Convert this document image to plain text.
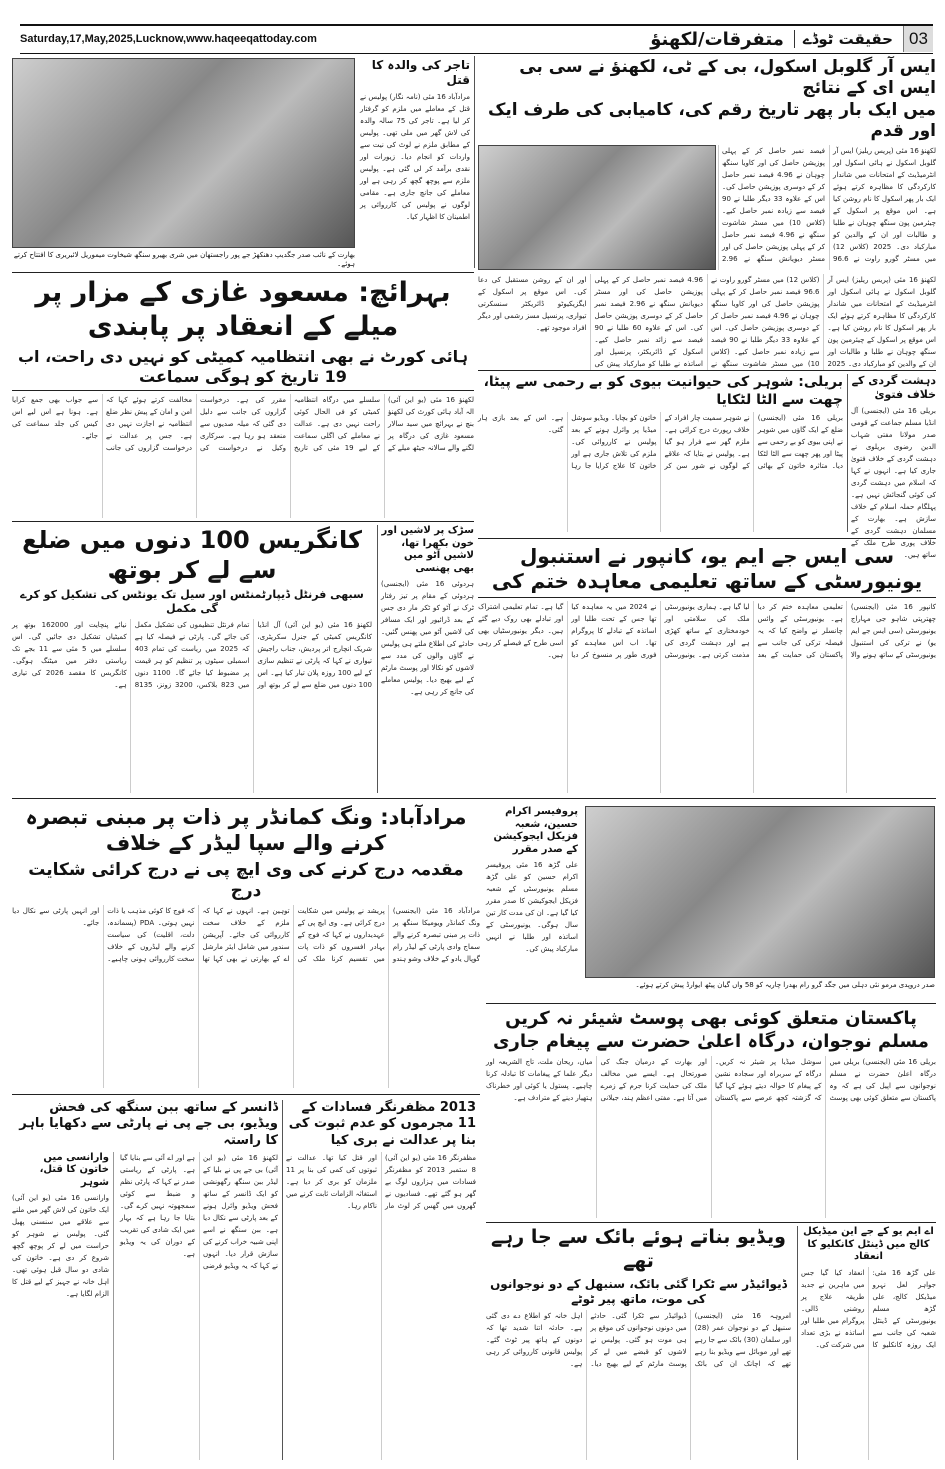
Saturday,17,May,2025,Lucknow,www.haqeeqattoday.com	03
حقیقت ٹوڈے
متفرقات/لکھنؤ
بھارت کے نائب صدر جگدیپ دھنکھڑ جے پور راجستھان میں شری بھیرو سنگھ شیخاوت میموریل لائبریری کا افتتاح کرتے ہوئے۔
تاجر کی والدہ کا قتل
مرادآباد 16 مئی (نامہ نگار) پولیس نے قتل کے معاملے میں ملزم کو گرفتار کر لیا ہے۔ تاجر کی 75 سالہ والدہ کی لاش گھر میں ملی تھی۔ پولیس کے مطابق ملزم نے لوٹ کی نیت سے واردات کو انجام دیا۔ زیورات اور نقدی برآمد کر لی گئی ہے۔ پولیس ملزم سے پوچھ گچھ کر رہی ہے اور معاملے کی جانچ جاری ہے۔ مقامی لوگوں نے پولیس کی کارروائی پر اطمینان کا اظہار کیا۔
ایس آر گلوبل اسکول، بی کے ٹی، لکھنؤ نے سی بی ایس ای کے نتائج
میں ایک بار پھر تاریخ رقم کی، کامیابی کی طرف ایک اور قدم
لکھنؤ 16 مئی (پریس ریلیز) ایس آر گلوبل اسکول نے ہائی اسکول اور انٹرمیڈیٹ کے امتحانات میں شاندار کارکردگی کا مظاہرہ کرتے ہوئے ایک بار پھر اسکول کا نام روشن کیا ہے۔ اس موقع پر اسکول کے چیئرمین پون سنگھ چوہان نے طلبا و طالبات اور ان کے والدین کو مبارکباد دی۔ 2025 (کلاس 12) میں مسٹر گورو راوت نے 96.6 فیصد نمبر حاصل کر کے پہلی پوزیشن حاصل کی اور کاویا سنگھ چوہان نے 4.96 فیصد نمبر حاصل کر کے دوسری پوزیشن حاصل کی۔ اس کے علاوہ 33 دیگر طلبا نے 90 فیصد سے زیادہ نمبر حاصل کیے۔ (کلاس 10) میں مسٹر شاشوت سنگھ نے 4.96 فیصد نمبر حاصل کر کے پہلی پوزیشن حاصل کی اور مسٹر دیویانش سنگھ نے 2.96
لکھنؤ 16 مئی (پریس ریلیز) ایس آر گلوبل اسکول نے ہائی اسکول اور انٹرمیڈیٹ کے امتحانات میں شاندار کارکردگی کا مظاہرہ کرتے ہوئے ایک بار پھر اسکول کا نام روشن کیا ہے۔ اس موقع پر اسکول کے چیئرمین پون سنگھ چوہان نے طلبا و طالبات اور ان کے والدین کو مبارکباد دی۔ 2025 (کلاس 12) میں مسٹر گورو راوت نے 96.6 فیصد نمبر حاصل کر کے پہلی پوزیشن حاصل کی اور کاویا سنگھ چوہان نے 4.96 فیصد نمبر حاصل کر کے دوسری پوزیشن حاصل کی۔ اس کے علاوہ 33 دیگر طلبا نے 90 فیصد سے زیادہ نمبر حاصل کیے۔ (کلاس 10) میں مسٹر شاشوت سنگھ نے 4.96 فیصد نمبر حاصل کر کے پہلی پوزیشن حاصل کی اور مسٹر دیویانش سنگھ نے 2.96 فیصد نمبر حاصل کر کے دوسری پوزیشن حاصل کی۔ اس کے علاوہ 60 طلبا نے 90 فیصد سے زائد نمبر حاصل کیے۔ اسکول کے ڈائریکٹر، پرنسپل اور اساتذہ نے طلبا کو مبارکباد پیش کی اور ان کے روشن مستقبل کی دعا کی۔ اس موقع پر اسکول کے ایگزیکیوٹو ڈائریکٹر سنسکرتی تیواری، پرنسپل مسز رشمی اور دیگر افراد موجود تھے۔
بہرائچ: مسعود غازی کے مزار پر میلے کے انعقاد پر پابندی
ہائی کورٹ نے بھی انتظامیہ کمیٹی کو نہیں دی راحت، اب 19 تاریخ کو ہوگی سماعت
لکھنؤ 16 مئی (یو این آئی) الہ آباد ہائی کورٹ کی لکھنؤ بنچ نے بہرائچ میں سید سالار مسعود غازی کی درگاہ پر لگنے والے سالانہ جیٹھ میلے کے سلسلے میں درگاہ انتظامیہ کمیٹی کو فی الحال کوئی راحت نہیں دی ہے۔ عدالت نے معاملے کی اگلی سماعت کے لیے 19 مئی کی تاریخ مقرر کی ہے۔ درخواست گزاروں کی جانب سے دلیل دی گئی کہ میلہ صدیوں سے منعقد ہو رہا ہے۔ سرکاری وکیل نے درخواست کی مخالفت کرتے ہوئے کہا کہ امن و امان کے پیش نظر ضلع انتظامیہ نے اجازت نہیں دی ہے۔ جس پر عدالت نے درخواست گزاروں کی جانب سے جواب بھی جمع کرایا ہے۔ ہونا ہے اس لیے اس کیس کی جلد سماعت کی جائے۔
بریلی: شوہر کی حیوانیت بیوی کو بے رحمی سے پیٹا، چھت سے الٹا لٹکایا
بریلی 16 مئی (ایجنسی) ضلع کے ایک گاؤں میں شوہر نے اپنی بیوی کو بے رحمی سے پیٹا اور پھر چھت سے الٹا لٹکا دیا۔ متاثرہ خاتون کے بھائی نے شوہر سمیت چار افراد کے خلاف رپورٹ درج کرائی ہے۔ ملزم گھر سے فرار ہو گیا ہے۔ پولیس نے بتایا کہ علاقے کے لوگوں نے شور سن کر خاتون کو بچایا۔ ویڈیو سوشل میڈیا پر وائرل ہونے کے بعد پولیس نے کارروائی کی۔ ملزم کی تلاش جاری ہے اور خاتون کا علاج کرایا جا رہا ہے۔ اس کے بعد بازی ہار گئی۔
دہشت گردی کے خلاف فتویٰ
بریلی 16 مئی (ایجنسی) آل انڈیا مسلم جماعت کے قومی صدر مولانا مفتی شہاب الدین رضوی بریلوی نے دہشت گردی کے خلاف فتویٰ جاری کیا ہے۔ انہوں نے کہا کہ اسلام میں دہشت گردی کی کوئی گنجائش نہیں ہے۔ پہلگام حملہ اسلام کے خلاف سازش ہے۔ بھارت کے مسلمان دہشت گردی کے خلاف پوری طرح ملک کے ساتھ ہیں۔
کانگریس 100 دنوں میں ضلع سے لے کر بوتھ
سبھی فرنٹل ڈیپارٹمنٹس اور سیل تک یونٹس کی تشکیل کو کرے گی مکمل
لکھنؤ 16 مئی (یو این آئی) آل انڈیا کانگریس کمیٹی کے جنرل سکریٹری، شریک انچارج اتر پردیش، جناب راجیش تیواری نے کہا کہ پارٹی نے تنظیم سازی کے لیے 100 روزہ پلان تیار کیا ہے۔ اس 100 دنوں میں ضلع سے لے کر بوتھ اور تمام فرنٹل تنظیموں کی تشکیل مکمل کی جائے گی۔ پارٹی نے فیصلہ کیا ہے کہ 2025 میں ریاست کی تمام 403 اسمبلی سیٹوں پر تنظیم کو ہر قیمت پر مضبوط کیا جائے گا۔ 1100 دنوں میں 823 بلاکس، 3200 زونز، 8135 نیائے پنچایت اور 162000 بوتھ پر کمیٹیاں تشکیل دی جائیں گی۔ اس سلسلے میں 5 مئی سے 11 بجے تک ریاستی دفتر میں میٹنگ ہوگی۔ کانگریس کا مقصد 2026 کی تیاری ہے۔
سڑک پر لاشیں اور خون بکھرا تھا، لاشیں آٹو میں بھی پھنسی
ہردوئی 16 مئی (ایجنسی) ہردوئی کے مقام پر تیز رفتار ٹرک نے آٹو کو ٹکر مار دی جس کے بعد ڈرائیور اور ایک مسافر کی لاشیں آٹو میں پھنس گئیں۔ حادثے کی اطلاع ملتے ہی پولیس نے گاؤں والوں کی مدد سے لاشوں کو نکالا اور پوسٹ مارٹم کے لیے بھیج دیا۔ پولیس معاملے کی جانچ کر رہی ہے۔
سی ایس جے ایم یو، کانپور نے استنبول یونیورسٹی کے ساتھ تعلیمی معاہدہ ختم کی
کانپور 16 مئی (ایجنسی) چھترپتی شاہو جی مہاراج یونیورسٹی (سی ایس جے ایم یو) نے ترکی کی استنبول یونیورسٹی کے ساتھ ہونے والا تعلیمی معاہدہ ختم کر دیا ہے۔ یونیورسٹی کے وائس چانسلر نے واضح کیا کہ یہ فیصلہ ترکی کی جانب سے پاکستان کی حمایت کے بعد لیا گیا ہے۔ ہماری یونیورسٹی ملک کی سلامتی اور خودمختاری کے ساتھ کھڑی ہے اور دہشت گردی کی مذمت کرتی ہے۔ یونیورسٹی نے 2024 میں یہ معاہدہ کیا تھا جس کے تحت طلبا اور اساتذہ کے تبادلے کا پروگرام تھا۔ اب اس معاہدے کو فوری طور پر منسوخ کر دیا گیا ہے۔ تمام تعلیمی اشتراک اور تبادلے بھی روک دیے گئے ہیں۔ دیگر یونیورسٹیاں بھی اسی طرح کے فیصلے کر رہی ہیں۔
مرادآباد: ونگ کمانڈر پر ذات پر مبنی تبصرہ کرنے والے سپا لیڈر کے خلاف
مقدمہ درج کرنے کی وی ایچ پی نے درج کرائی شکایت درج
مرادآباد 16 مئی (ایجنسی) ونگ کمانڈر ویومیکا سنگھ پر ذات پر مبنی تبصرہ کرنے والے سماج وادی پارٹی کے لیڈر رام گوپال یادو کے خلاف وشو ہندو پریشد نے پولیس میں شکایت درج کرائی ہے۔ وی ایچ پی کے عہدیداروں نے کہا کہ فوج کے بہادر افسروں کو ذات پات میں تقسیم کرنا ملک کی توہین ہے۔ انہوں نے کہا کہ ملزم کے خلاف سخت کارروائی کی جائے۔ آپریشن سندور میں شامل ایئر مارشل اے کے بھارتی نے بھی کہا تھا کہ فوج کا کوئی مذہب یا ذات نہیں ہوتی۔ PDA (پسماندہ، دلت، اقلیت) کی سیاست کرنے والے لیڈروں کے خلاف سخت کارروائی ہونی چاہیے۔ اور انہیں پارٹی سے نکال دیا جائے۔
پروفیسر اکرام حسین، شعبہ فزیکل ایجوکیشن کے صدر مقرر
علی گڑھ 16 مئی پروفیسر اکرام حسین کو علی گڑھ مسلم یونیورسٹی کے شعبہ فزیکل ایجوکیشن کا صدر مقرر کیا گیا ہے۔ ان کی مدت کار تین سال ہوگی۔ یونیورسٹی کے اساتذہ اور طلبا نے انہیں مبارکباد پیش کی۔
صدر دروپدی مرمو نئی دہلی میں جگد گرو رام بھدرا چاریہ کو 58 واں گیان پیٹھ ایوارڈ پیش کرتے ہوئے۔
پاکستان متعلق کوئی بھی پوسٹ شیئر نہ کریں مسلم نوجوان، درگاہ اعلیٰ حضرت سے پیغام جاری
بریلی 16 مئی (ایجنسی) بریلی میں درگاہ اعلیٰ حضرت نے مسلم نوجوانوں سے اپیل کی ہے کہ وہ پاکستان سے متعلق کوئی بھی پوسٹ سوشل میڈیا پر شیئر نہ کریں۔ درگاہ کے سربراہ اور سجادہ نشین کے پیغام کا حوالہ دیتے ہوئے کہا گیا کہ گزشتہ کچھ عرصے سے پاکستان اور بھارت کے درمیان جنگ کی صورتحال ہے۔ ایسے میں مخالف ملک کی حمایت کرنا جرم کے زمرے میں آتا ہے۔ مفتی اعظم ہند، جیلانی میاں، ریحان ملت، تاج الشریعہ اور دیگر علما کے پیغامات کا تبادلہ کرنا چاہیے۔ پستول یا کوئی اور خطرناک ہتھیار دینے کے مترادف ہے۔
ویڈیو بناتے ہوئے بائک سے جا رہے تھے
ڈیوائیڈر سے ٹکرا گئی بائک، سنبھل کے دو نوجوانوں کی موت، ماتھ پیر ٹوٹے
امروہہ 16 مئی (ایجنسی) سنبھل کے دو نوجوان عمر (28) اور سلمان (30) بائک سے جا رہے تھے اور موبائل سے ویڈیو بنا رہے تھے کہ اچانک ان کی بائک ڈیوائیڈر سے ٹکرا گئی۔ حادثے میں دونوں نوجوانوں کی موقع پر ہی موت ہو گئی۔ پولیس نے لاشوں کو قبضے میں لے کر پوسٹ مارٹم کے لیے بھیج دیا۔ اہل خانہ کو اطلاع دے دی گئی ہے۔ حادثہ اتنا شدید تھا کہ دونوں کے ہاتھ پیر ٹوٹ گئے۔ پولیس قانونی کارروائی کر رہی ہے۔
اے ایم یو کے جے این میڈیکل کالج میں ڈینٹل کانکلیو کا انعقاد
علی گڑھ 16 مئی: جواہر لعل نہرو میڈیکل کالج، علی گڑھ مسلم یونیورسٹی کے ڈینٹل شعبہ کی جانب سے ایک روزہ کانکلیو کا انعقاد کیا گیا جس میں ماہرین نے جدید طریقہ علاج پر روشنی ڈالی۔ پروگرام میں طلبا اور اساتذہ نے بڑی تعداد میں شرکت کی۔
ڈانسر کے ساتھ ببن سنگھ کی فحش ویڈیو، بی جے پی نے پارٹی سے دکھایا باہر کا راستہ
لکھنؤ 16 مئی (یو این آئی) بی جے پی نے بلیا کے لیڈر ببن سنگھ رگھونشی کو ایک ڈانسر کے ساتھ فحش ویڈیو وائرل ہونے کے بعد پارٹی سے نکال دیا ہے۔ ببن سنگھ نے اسے اپنی شبیہ خراب کرنے کی سازش قرار دیا۔ انہوں نے کہا کہ یہ ویڈیو فرضی ہے اور اے آئی سے بنایا گیا ہے۔ پارٹی کے ریاستی صدر نے کہا کہ پارٹی نظم و ضبط سے کوئی سمجھوتہ نہیں کرے گی۔ بتایا جا رہا ہے کہ بہار میں ایک شادی کی تقریب کے دوران کی یہ ویڈیو ہے۔
وارانسی میں خاتون کا قتل، شوہر
وارانسی 16 مئی (یو این آئی) ایک خاتون کی لاش گھر میں ملنے سے علاقے میں سنسنی پھیل گئی۔ پولیس نے شوہر کو حراست میں لے کر پوچھ گچھ شروع کر دی ہے۔ خاتون کی شادی دو سال قبل ہوئی تھی۔ اہل خانہ نے جہیز کے لیے قتل کا الزام لگایا ہے۔
2013 مظفرنگر فسادات کے 11 مجرموں کو عدم ثبوت کی بنا پر عدالت نے بری کیا
مظفرنگر 16 مئی (یو این آئی) 8 ستمبر 2013 کو مظفرنگر فسادات میں ہزاروں لوگ بے گھر ہو گئے تھے۔ فسادیوں نے گھروں میں گھس کر لوٹ مار اور قتل کیا تھا۔ عدالت نے ثبوتوں کی کمی کی بنا پر 11 ملزمان کو بری کر دیا ہے۔ استغاثہ الزامات ثابت کرنے میں ناکام رہا۔
